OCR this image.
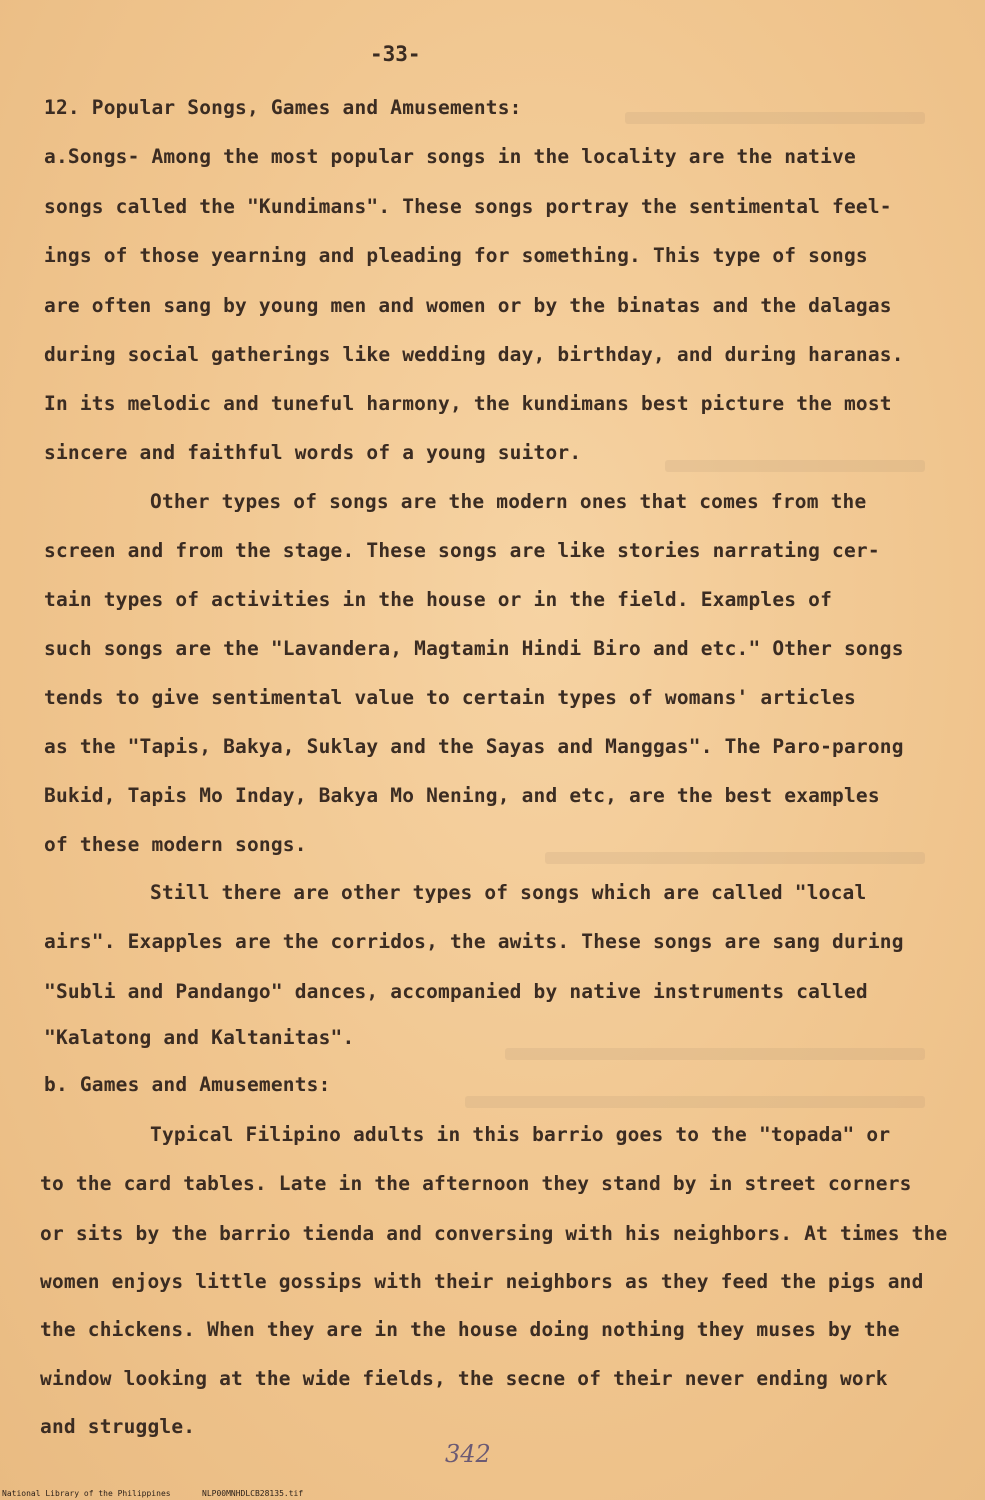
-33-
12. Popular Songs, Games and Amusements:
a.Songs- Among the most popular songs in the locality are the native
songs called the "Kundimans". These songs portray the sentimental feel-
ings of those yearning and pleading for something. This type of songs
are often sang by young men and women or by the binatas and the dalagas
during social gatherings like wedding day, birthday, and during haranas.
In its melodic and tuneful harmony, the kundimans best picture the most
sincere and faithful words of a young suitor.
Other types of songs are the modern ones that comes from the
screen and from the stage. These songs are like stories narrating cer-
tain types of activities in the house or in the field. Examples of
such songs are the "Lavandera, Magtamin Hindi Biro and etc." Other songs
tends to give sentimental value to certain types of womans' articles
as the "Tapis, Bakya, Suklay and the Sayas and Manggas". The Paro-parong
Bukid, Tapis Mo Inday, Bakya Mo Nening, and etc, are the best examples
of these modern songs.
Still there are other types of songs which are called "local
airs". Exapples are the corridos, the awits. These songs are sang during
"Subli and Pandango" dances, accompanied by native instruments called
"Kalatong and Kaltanitas".
b. Games and Amusements:
Typical Filipino adults in this barrio goes to the "topada" or
to the card tables. Late in the afternoon they stand by in street corners
or sits by the barrio tienda and conversing with his neighbors. At times the
women enjoys little gossips with their neighbors as they feed the pigs and
the chickens. When they are in the house doing nothing they muses by the
window looking at the wide fields, the secne of their never ending work
and struggle.
342
National Library of the Philippines	NLP00MNHDLCB28135.tif
